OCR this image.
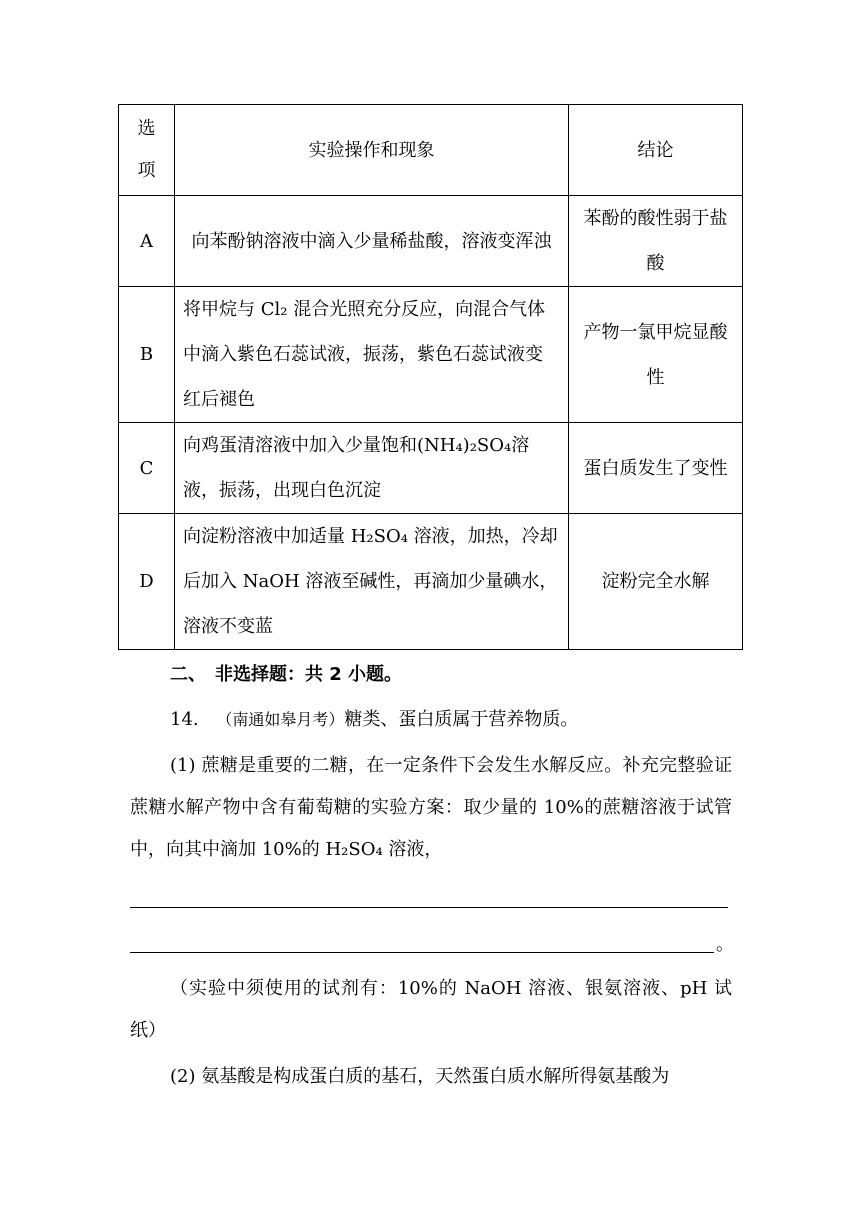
选项	实验操作和现象	结论
A	向苯酚钠溶液中滴入少量稀盐酸，溶液变浑浊	苯酚的酸性弱于盐酸
B	将甲烷与 Cl₂ 混合光照充分反应，向混合气体中滴入紫色石蕊试液，振荡，紫色石蕊试液变红后褪色	产物一氯甲烷显酸性
C	向鸡蛋清溶液中加入少量饱和(NH₄)₂SO₄溶液，振荡，出现白色沉淀	蛋白质发生了变性
D	向淀粉溶液中加适量 H₂SO₄ 溶液，加热，冷却后加入 NaOH 溶液至碱性，再滴加少量碘水，溶液不变蓝	淀粉完全水解
二、　非选择题：共 2 小题。
14. （南通如皋月考）糖类、蛋白质属于营养物质。
(1) 蔗糖是重要的二糖，在一定条件下会发生水解反应。补充完整验证蔗糖水解产物中含有葡萄糖的实验方案：取少量的 10%的蔗糖溶液于试管中，向其中滴加 10%的 H₂SO₄ 溶液，
。
（实验中须使用的试剂有：10%的 NaOH 溶液、银氨溶液、pH 试纸）
(2) 氨基酸是构成蛋白质的基石，天然蛋白质水解所得氨基酸为
